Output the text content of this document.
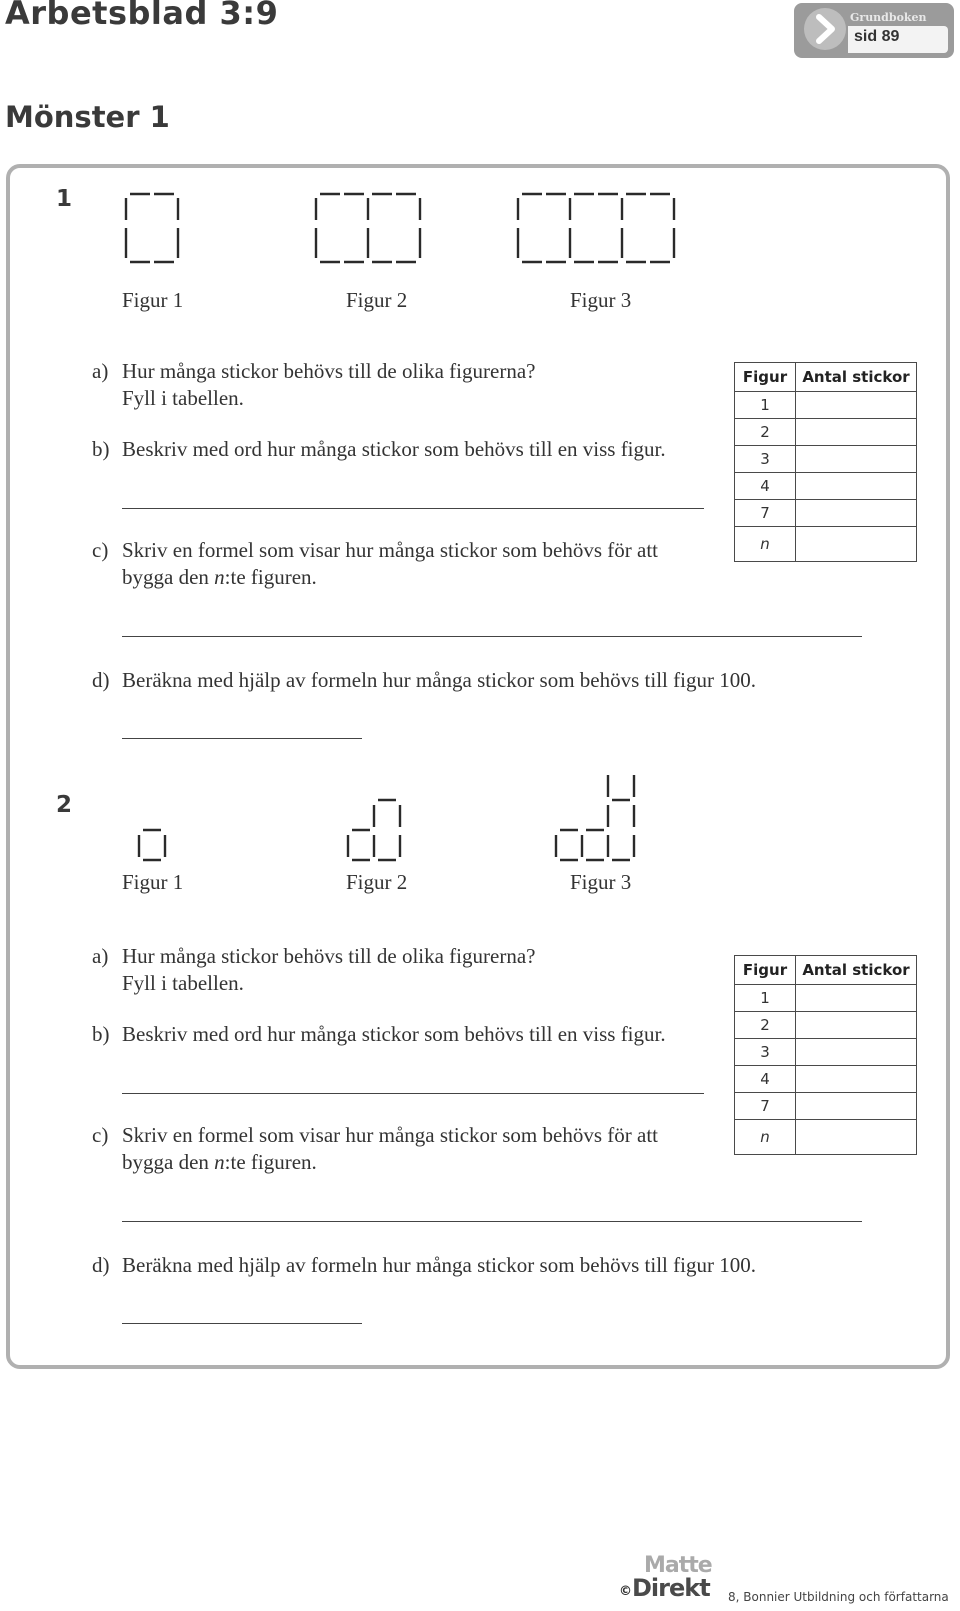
Arbetsblad 3:9	Grundboken
sid 89
Mönster 1
1
Figur 1	Figur 2	Figur 3
a) Hur många stickor behövs till de olika figurerna?
Fyll i tabellen.
b) Beskriv med ord hur många stickor som behövs till en viss figur.
c) Skriv en formel som visar hur många stickor som behövs för att
bygga den n:te figuren.
d) Beräkna med hjälp av formeln hur många stickor som behövs till figur 100.
Figur	Antal stickor
1	
2	
3	
4	
7	
n	
2
Figur 1	Figur 2	Figur 3
a) Hur många stickor behövs till de olika figurerna?
Fyll i tabellen.
b) Beskriv med ord hur många stickor som behövs till en viss figur.
c) Skriv en formel som visar hur många stickor som behövs för att
bygga den n:te figuren.
d) Beräkna med hjälp av formeln hur många stickor som behövs till figur 100.
Figur	Antal stickor
1	
2	
3	
4	
7	
n	
©
Matte
Direkt 8, Bonnier Utbildning och författarna
